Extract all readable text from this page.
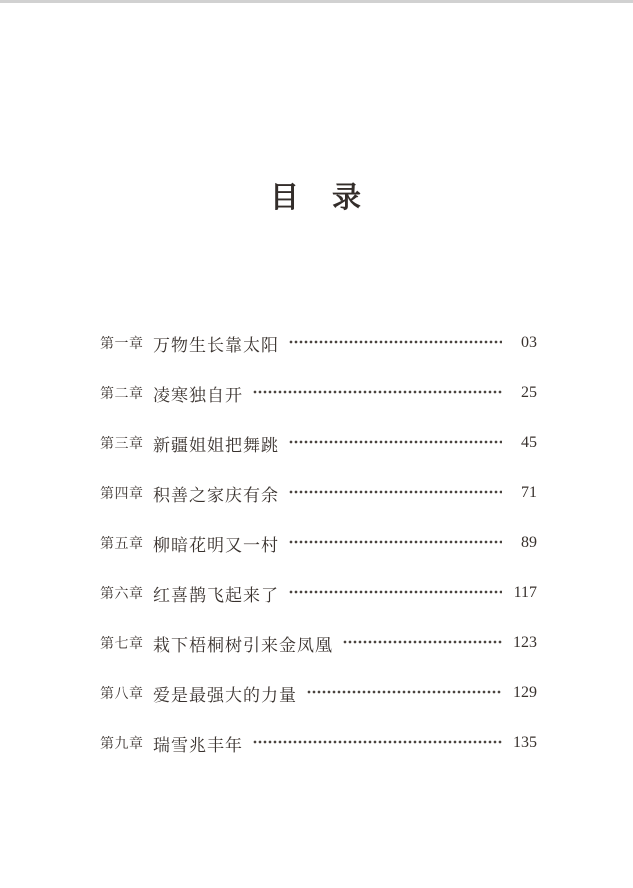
目　录
第一章 万物生长靠太阳	03
第二章 凌寒独自开	25
第三章 新疆姐姐把舞跳	45
第四章 积善之家庆有余	71
第五章 柳暗花明又一村	89
第六章 红喜鹊飞起来了	117
第七章 栽下梧桐树引来金凤凰	123
第八章 爱是最强大的力量	129
第九章 瑞雪兆丰年	135
